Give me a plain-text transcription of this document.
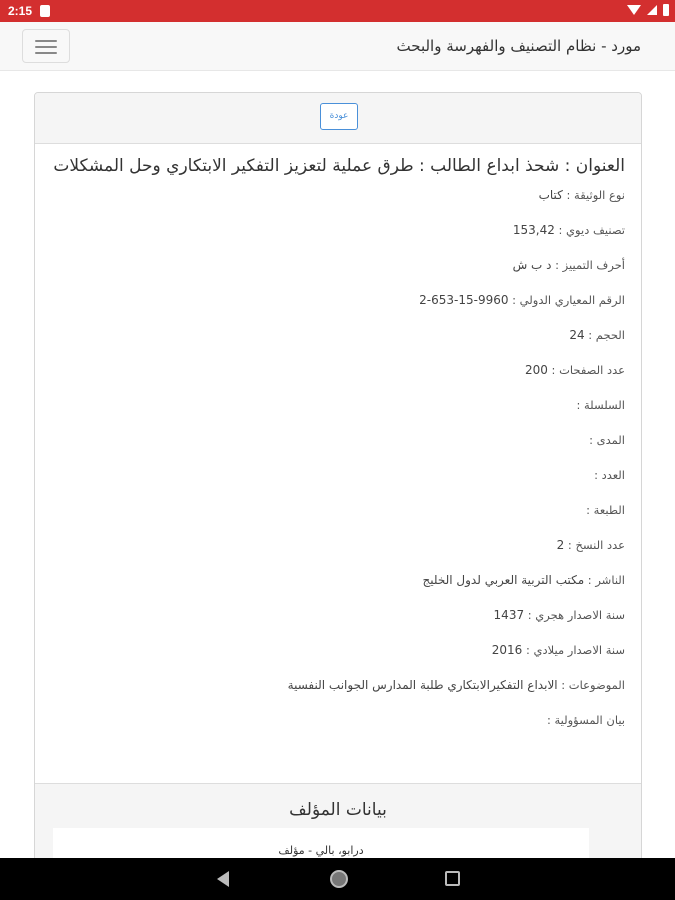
2:15
مورد - نظام التصنيف والفهرسة والبحث
عودة
العنوان : شحذ ابداع الطالب : طرق عملية لتعزيز التفكير الابتكاري وحل المشكلات
نوع الوثيقة : كتاب
تصنيف ديوي : 153,42
أحرف التمييز : د ب ش
الرقم المعياري الدولي : 9960-15-653-2
الحجم : 24
عدد الصفحات : 200
السلسلة :
المدى :
العدد :
الطبعة :
عدد النسخ : 2
الناشر : مكتب التربية العربي لدول الخليج
سنة الاصدار هجري : 1437
سنة الاصدار ميلادي : 2016
الموضوعات : الابداع التفكيرالابتكاري طلبة المدارس الجوانب النفسية
بيان المسؤولية :
بيانات المؤلف
درابو، بالي - مؤلف
